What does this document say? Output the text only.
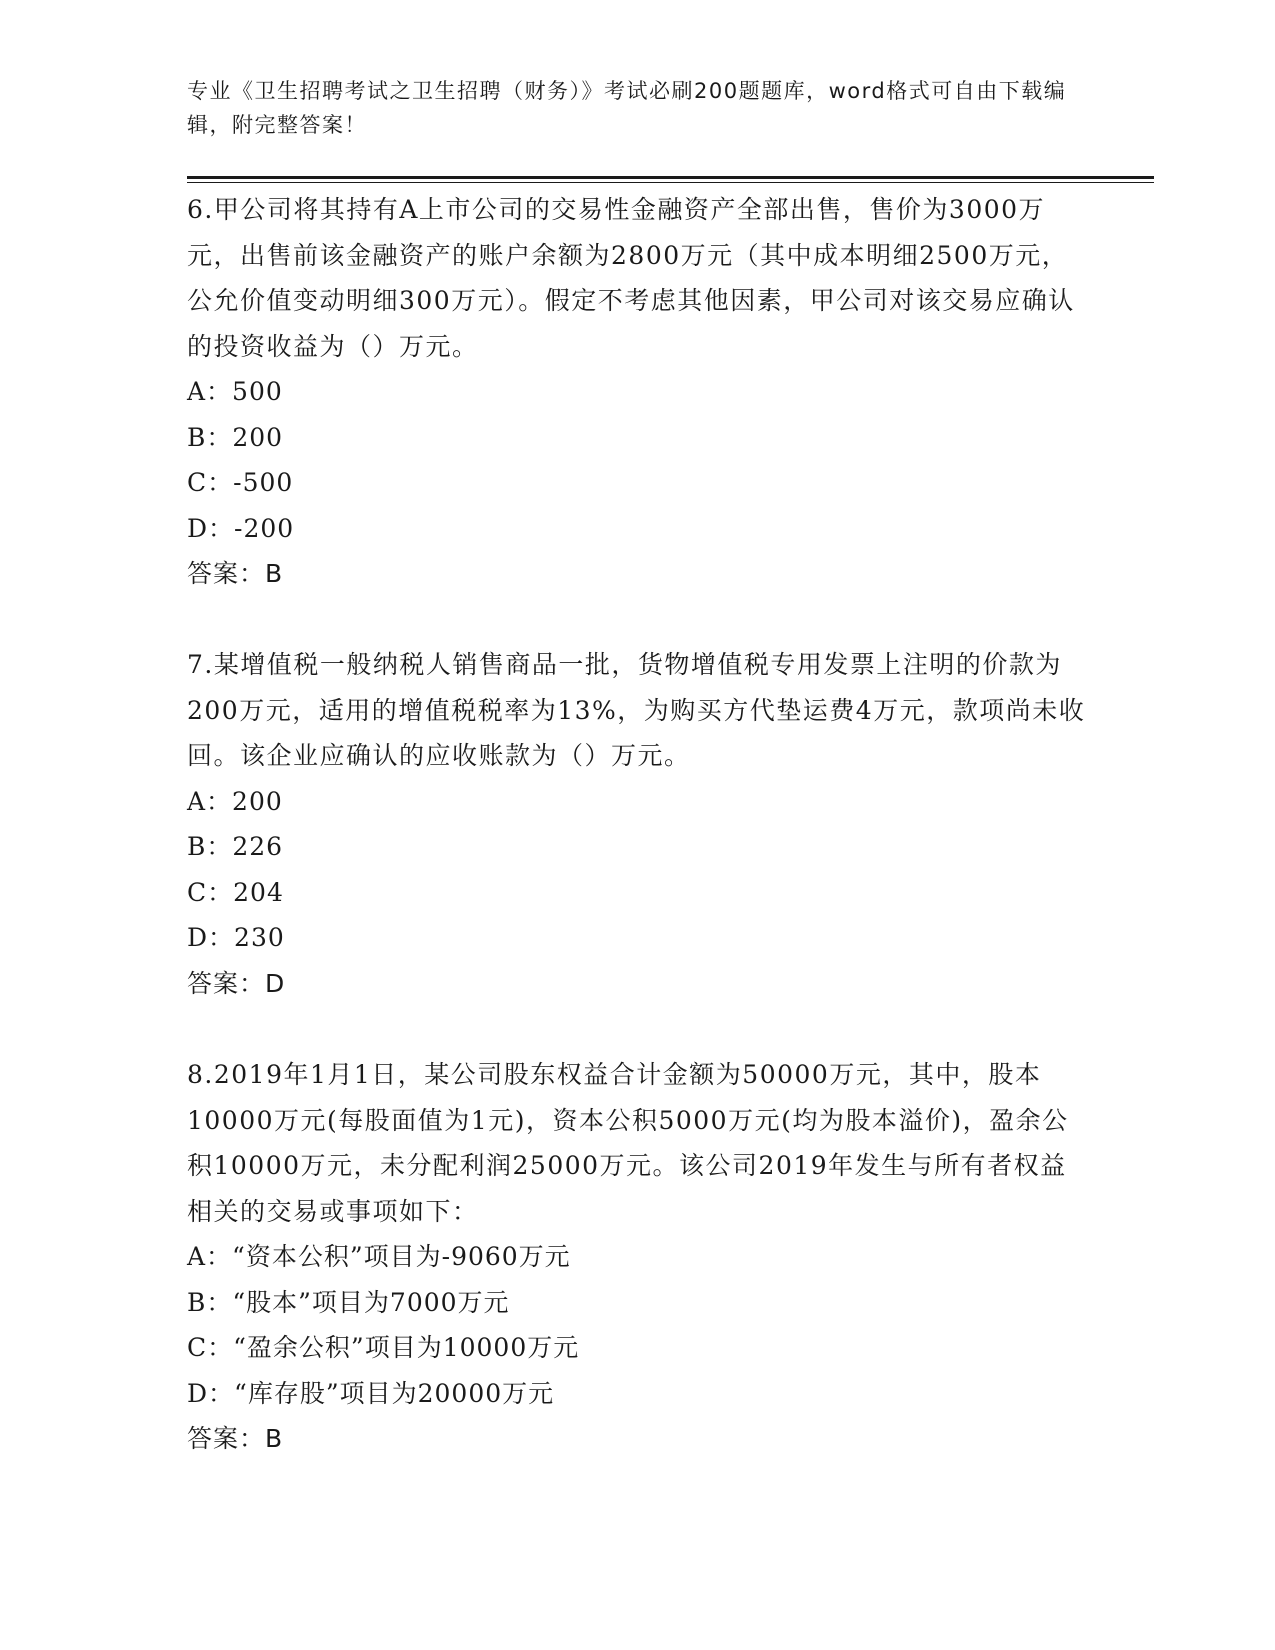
专业《卫生招聘考试之卫生招聘（财务）》考试必刷200题题库，word格式可自由下载编辑，附完整答案！

6.甲公司将其持有A上市公司的交易性金融资产全部出售，售价为3000万元，出售前该金融资产的账户余额为2800万元（其中成本明细2500万元，公允价值变动明细300万元）。假定不考虑其他因素，甲公司对该交易应确认的投资收益为（）万元。

A：500

B：200

C：-500

D：-200

答案：B

7.某增值税一般纳税人销售商品一批，货物增值税专用发票上注明的价款为200万元，适用的增值税税率为13%，为购买方代垫运费4万元，款项尚未收回。该企业应确认的应收账款为（）万元。

A：200

B：226

C：204

D：230

答案：D

8.2019年1月1日，某公司股东权益合计金额为50000万元，其中，股本10000万元(每股面值为1元)，资本公积5000万元(均为股本溢价)，盈余公积10000万元，未分配利润25000万元。该公司2019年发生与所有者权益相关的交易或事项如下：

A：“资本公积”项目为-9060万元

B：“股本”项目为7000万元

C：“盈余公积”项目为10000万元

D：“库存股”项目为20000万元

答案：B
